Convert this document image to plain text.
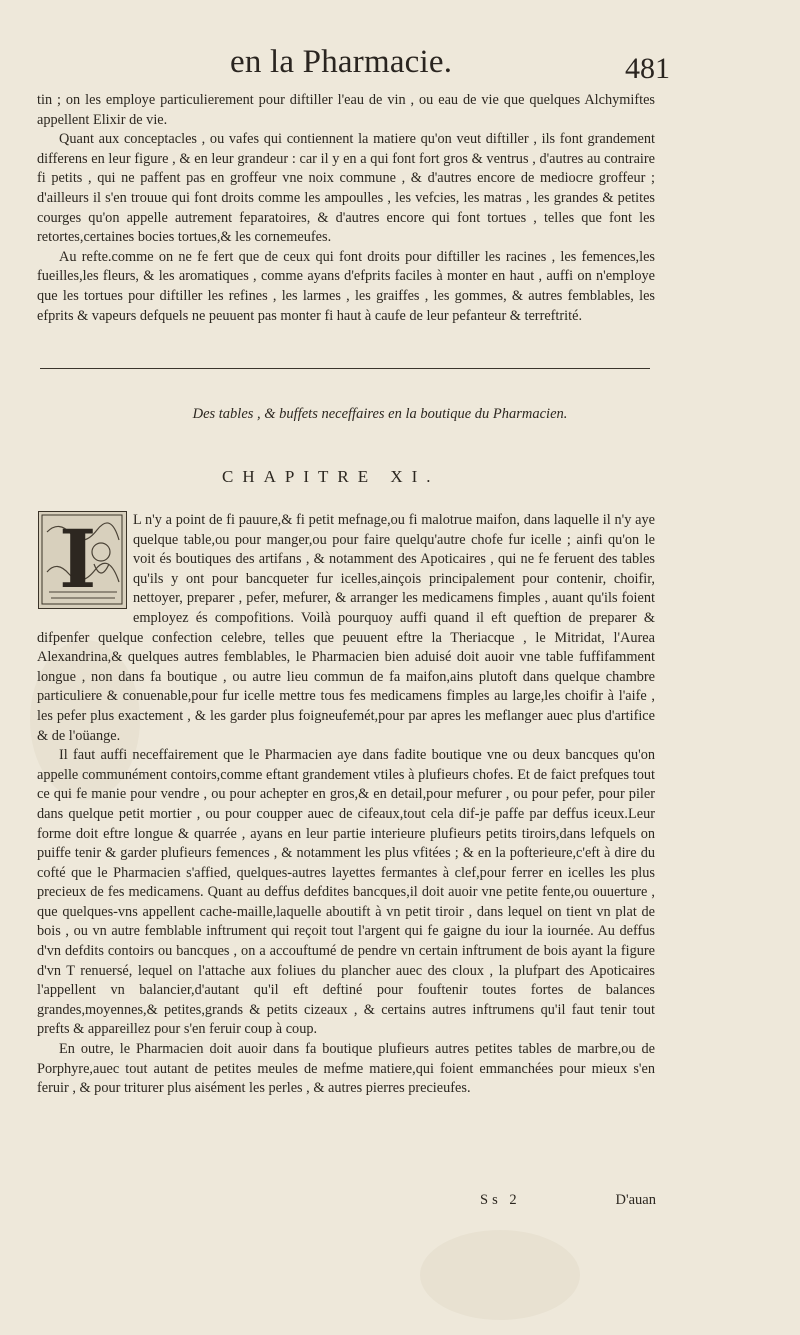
en la Pharmacie.	481

tin ; on les employe particulierement pour diftiller l'eau de vin , ou eau de vie que quelques Alchymiftes appellent Elixir de vie.

Quant aux conceptacles , ou vafes qui contiennent la matiere qu'on veut diftiller , ils font grandement differens en leur figure , & en leur grandeur : car il y en a qui font fort gros & ventrus , d'autres au contraire fi petits , qui ne paffent pas en groffeur vne noix commune , & d'autres encore de mediocre groffeur ; d'ailleurs il s'en trouue qui font droits comme les ampoulles , les vefcies, les matras , les grandes & petites courges qu'on appelle autrement feparatoires, & d'autres encore qui font tortues , telles que font les retortes,certaines bocies tortues,& les cornemeufes.

Au refte.comme on ne fe fert que de ceux qui font droits pour diftiller les racines , les femences,les fueilles,les fleurs, & les aromatiques , comme ayans d'efprits faciles à monter en haut , auffi on n'employe que les tortues pour diftiller les refines , les larmes , les graiffes , les gommes, & autres femblables, les efprits & vapeurs defquels ne peuuent pas monter fi haut à caufe de leur pefanteur & terreftrité.

Des tables , & buffets neceffaires en la boutique du Pharmacien.
CHAPITRE XI.
I	L n'y a point de fi pauure,& fi petit mefnage,ou fi malotrue maifon, dans laquelle il n'y aye quelque table,ou pour manger,ou pour faire quelqu'autre chofe fur icelle ; ainfi qu'on le voit és boutiques des artifans , & notamment des Apoticaires , qui ne fe feruent des tables qu'ils y ont pour bancqueter fur icelles,ainçois principalement pour contenir, choifir, nettoyer, preparer , pefer, mefurer, & arranger les medicamens fimples , auant qu'ils foient employez és compofitions. Voilà pourquoy auffi quand il eft queftion de preparer & difpenfer quelque confection celebre, telles que peuuent eftre la Theriacque , le Mitridat, l'Aurea Alexandrina,& quelques autres femblables, le Pharmacien bien aduisé doit auoir vne table fuffifamment longue , non dans fa boutique , ou autre lieu commun de fa maifon,ains plutoft dans quelque chambre particuliere & conuenable,pour fur icelle mettre tous fes medicamens fimples au large,les choifir à l'aife , les pefer plus exactement , & les garder plus foigneufemét,pour par apres les meflanger auec plus d'artifice & de l'oüange.

Il faut auffi neceffairement que le Pharmacien aye dans fadite boutique vne ou deux bancques qu'on appelle communément contoirs,comme eftant grandement vtiles à plufieurs chofes. Et de faict prefques tout ce qui fe manie pour vendre , ou pour achepter en gros,& en detail,pour mefurer , ou pour pefer, pour piler dans quelque petit mortier , ou pour coupper auec de cifeaux,tout cela dif-je paffe par deffus iceux.Leur forme doit eftre longue & quarrée , ayans en leur partie interieure plufieurs petits tiroirs,dans lefquels on puiffe tenir & garder plufieurs femences , & notamment les plus vfitées ; & en la pofterieure,c'eft à dire du cofté que le Pharmacien s'affied, quelques-autres layettes fermantes à clef,pour ferrer en icelles les plus precieux de fes medicamens. Quant au deffus defdites bancques,il doit auoir vne petite fente,ou ouuerture , que quelques-vns appellent cache-maille,laquelle aboutift à vn petit tiroir , dans lequel on tient vn plat de bois , ou vn autre femblable inftrument qui reçoit tout l'argent qui fe gaigne du iour la iournée. Au deffus d'vn defdits contoirs ou bancques , on a accouftumé de pendre vn certain inftrument de bois ayant la figure d'vn T renuersé, lequel on l'attache aux foliues du plancher auec des cloux , la plufpart des Apoticaires l'appellent vn balancier,d'autant qu'il eft deftiné pour fouftenir toutes fortes de balances grandes,moyennes,& petites,grands & petits cizeaux , & certains autres inftrumens qu'il faut tenir tout prefts & appareillez pour s'en feruir coup à coup.

En outre, le Pharmacien doit auoir dans fa boutique plufieurs autres petites tables de marbre,ou de Porphyre,auec tout autant de petites meules de mefme matiere,qui foient emmanchées pour mieux s'en feruir , & pour triturer plus aisément les perles , & autres pierres precieufes.

Ss 2	D'auan
